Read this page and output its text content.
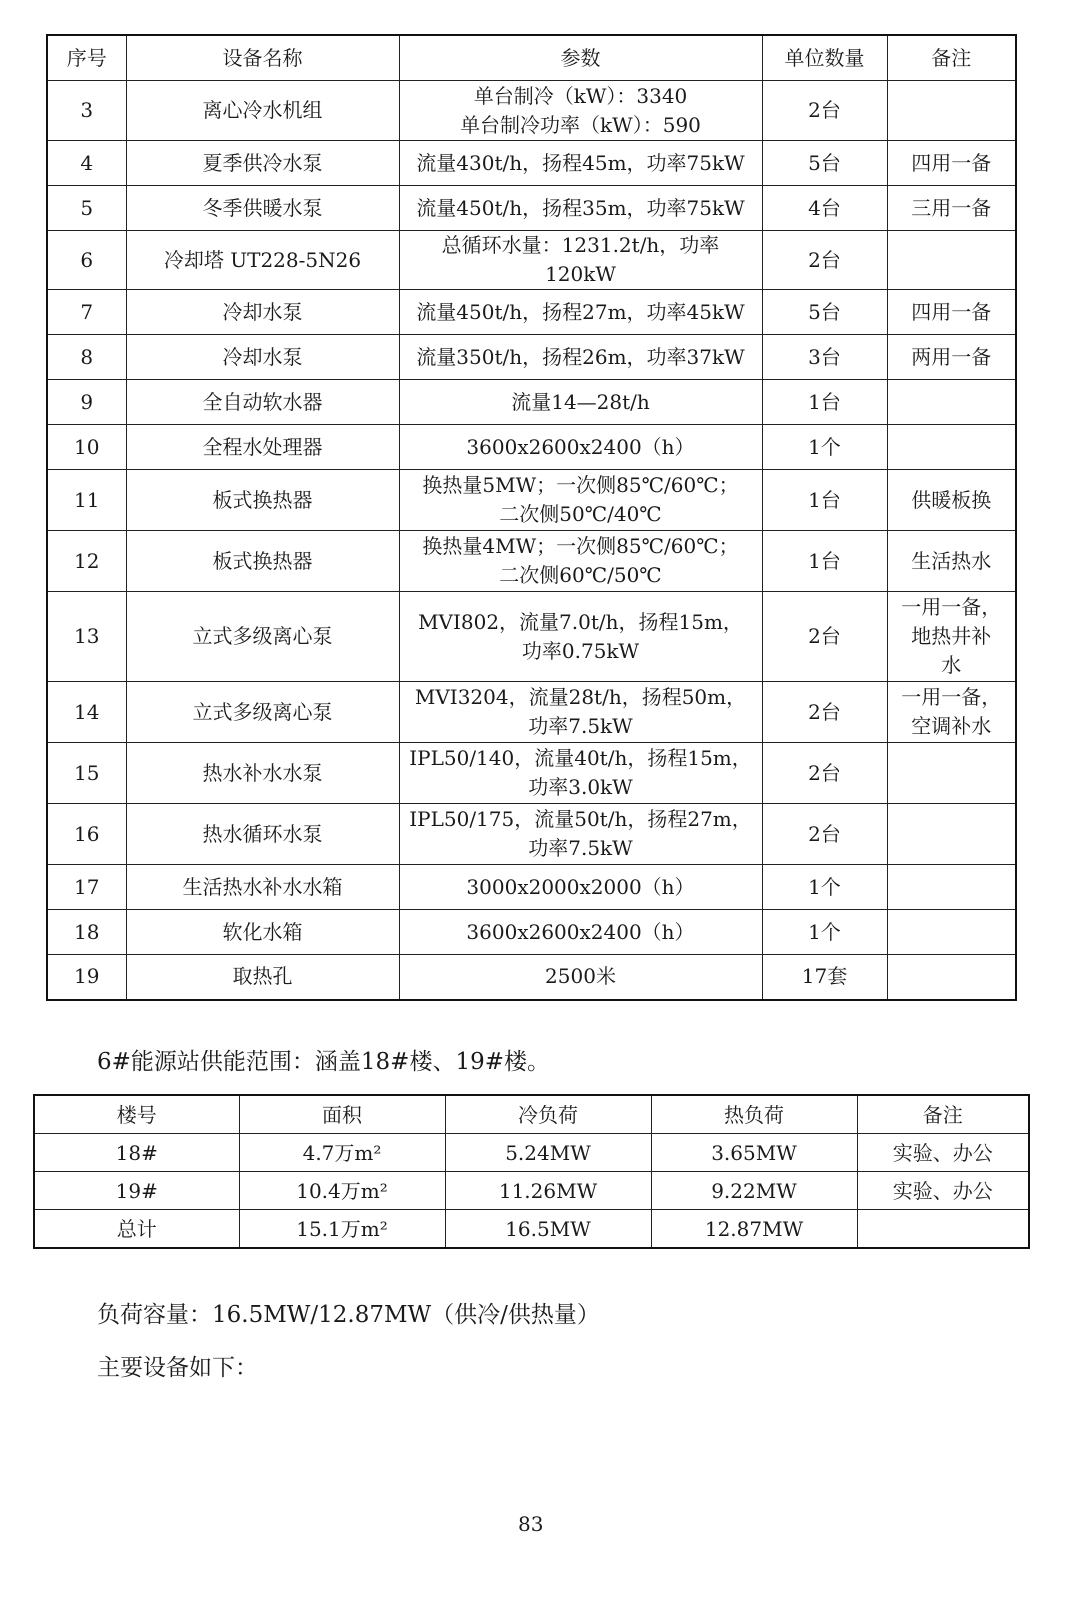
序号	设备名称	参数	单位数量	备注
3	离心冷水机组	单台制冷（kW）：3340
单台制冷功率（kW）：590	2台	
4	夏季供冷水泵	流量430t/h，扬程45m，功率75kW	5台	四用一备

5	冬季供暖水泵	流量450t/h，扬程35m，功率75kW	4台	三用一备

6	冷却塔 UT228-5N26	总循环水量：1231.2t/h，功率
120kW	2台	
7	冷却水泵	流量450t/h，扬程27m，功率45kW	5台	四用一备

8	冷却水泵	流量350t/h，扬程26m，功率37kW	3台	两用一备

9	全自动软水器	流量14—28t/h	1台	
10	全程水处理器	3600x2600x2400（h）	1个	
11	板式换热器	换热量5MW；一次侧85℃/60℃；
二次侧50℃/40℃	1台	供暖板换

12	板式换热器	换热量4MW；一次侧85℃/60℃；
二次侧60℃/50℃	1台	生活热水

13	立式多级离心泵	MVI802，流量7.0t/h，扬程15m，
功率0.75kW	2台	一用一备，
地热井补
水

14	立式多级离心泵	MVI3204，流量28t/h，扬程50m，
功率7.5kW	2台	一用一备，
空调补水

15	热水补水水泵	IPL50/140，流量40t/h，扬程15m，
功率3.0kW	2台	
16	热水循环水泵	IPL50/175，流量50t/h，扬程27m，
功率7.5kW	2台	
17	生活热水补水水箱	3000x2000x2000（h）	1个	
18	软化水箱	3600x2600x2400（h）	1个	
19	取热孔	2500米	17套	

6#能源站供能范围：涵盖18#楼、19#楼。

楼号	面积	冷负荷	热负荷	备注
18#	4.7万m²	5.24MW	3.65MW	实验、办公
19#	10.4万m²	11.26MW	9.22MW	实验、办公
总计	15.1万m²	16.5MW	12.87MW	

负荷容量：16.5MW/12.87MW（供冷/供热量）

主要设备如下：

83
